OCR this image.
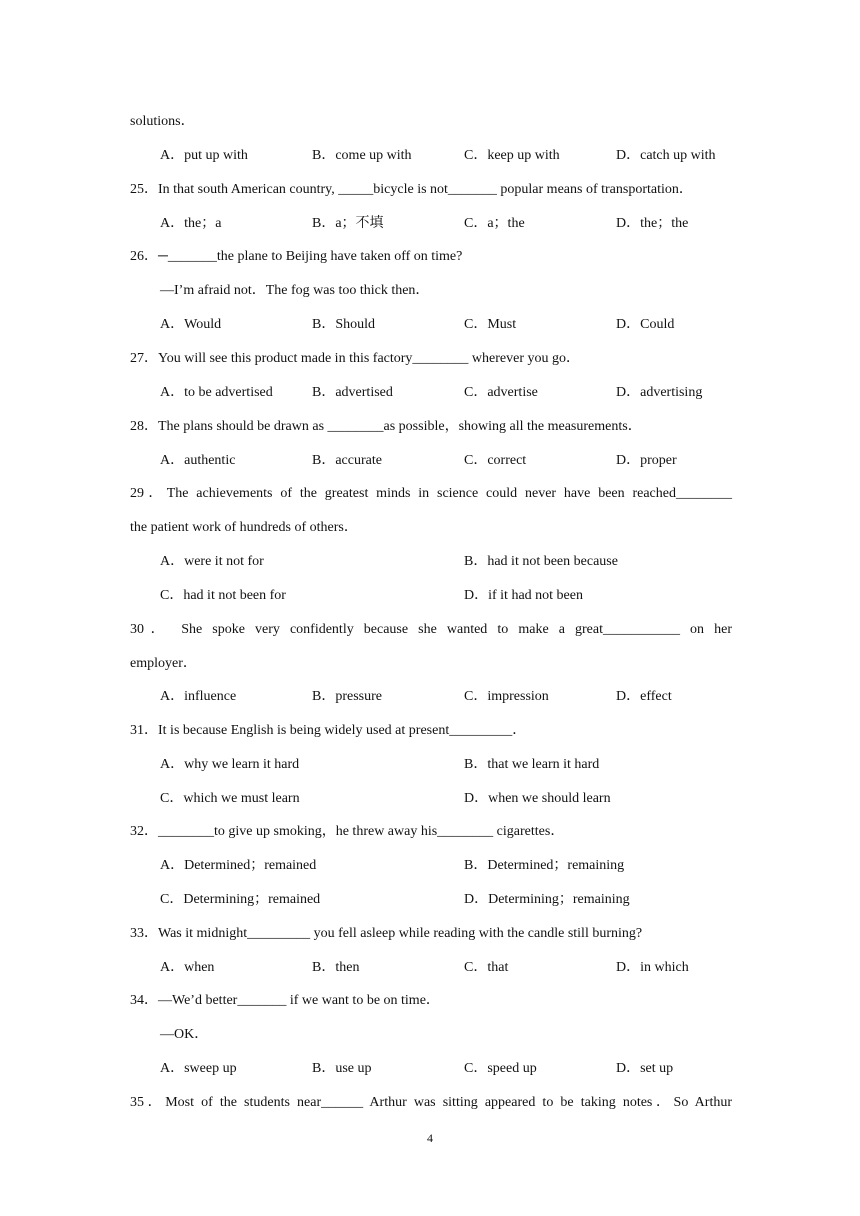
solutions．
A．put up with	B．come up with	C．keep up with	D．catch up with
25．In that south American country, _____bicycle is not_______ popular means of transportation．
A．the；a	B．a；不填	C．a；the	D．the；the
26．─_______the plane to Beijing have taken off on time?
—I’m afraid not．The fog was too thick then．
A．Would	B．Should	C．Must	D．Could
27．You will see this product made in this factory________ wherever you go．
A．to be advertised	B．advertised	C．advertise	D．advertising
28．The plans should be drawn as ________as possible，showing all the measurements．
A．authentic	B．accurate	C．correct	D．proper
29．The achievements of the greatest minds in science could never have been reached________
the patient work of hundreds of others．
A．were it not for	B．had it not been because
C．had it not been for	D．if it had not been
30． She spoke very confidently because she wanted to make a great___________ on her
employer．
A．influence	B．pressure	C．impression	D．effect
31．It is because English is being widely used at present_________．
A．why we learn it hard	B．that we learn it hard
C．which we must learn	D．when we should learn
32．________to give up smoking，he threw away his________ cigarettes．
A．Determined；remained	B．Determined；remaining
C．Determining；remained	D．Determining；remaining
33．Was it midnight_________ you fell asleep while reading with the candle still burning?
A．when	B．then	C．that	D．in which
34．—We’d better_______ if we want to be on time．
—OK．
A．sweep up	B．use up	C．speed up	D．set up
35．Most of the students near______ Arthur was sitting appeared to be taking notes．So Arthur
4
